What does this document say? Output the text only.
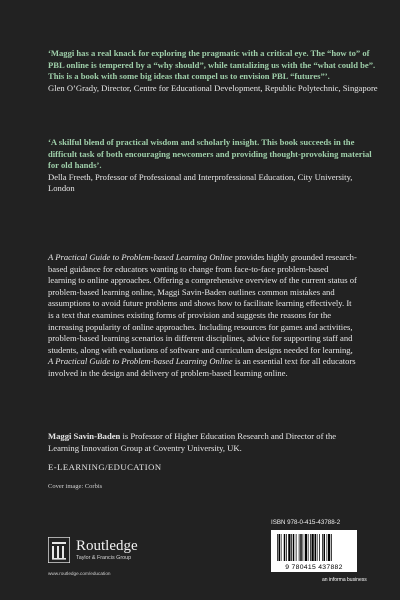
‘Maggi has a real knack for exploring the pragmatic with a critical eye. The “how to” of PBL online is tempered by a “why should”, while tantalizing us with the “what could be”. This is a book with some big ideas that compel us to envision PBL “futures”’.
Glen O’Grady, Director, Centre for Educational Development, Republic Polytechnic, Singapore
‘A skilful blend of practical wisdom and scholarly insight. This book succeeds in the difficult task of both encouraging newcomers and providing thought-provoking material for old hands’.
Della Freeth, Professor of Professional and Interprofessional Education, City University, London
A Practical Guide to Problem-based Learning Online provides highly grounded research-based guidance for educators wanting to change from face-to-face problem-based learning to online approaches. Offering a comprehensive overview of the current status of problem-based learning online, Maggi Savin-Baden outlines common mistakes and assumptions to avoid future problems and shows how to facilitate learning effectively. It is a text that examines existing forms of provision and suggests the reasons for the increasing popularity of online approaches. Including resources for games and activities, problem-based learning scenarios in different disciplines, advice for supporting staff and students, along with evaluations of software and curriculum designs needed for learning, A Practical Guide to Problem-based Learning Online is an essential text for all educators involved in the design and delivery of problem-based learning online.
Maggi Savin-Baden is Professor of Higher Education Research and Director of the Learning Innovation Group at Coventry University, UK.
E-LEARNING/EDUCATION
Cover image: Corbis
Routledge
Taylor & Francis Group
www.routledge.com/education
ISBN 978-0-415-43788-2
9 780415 437882
an informa business
